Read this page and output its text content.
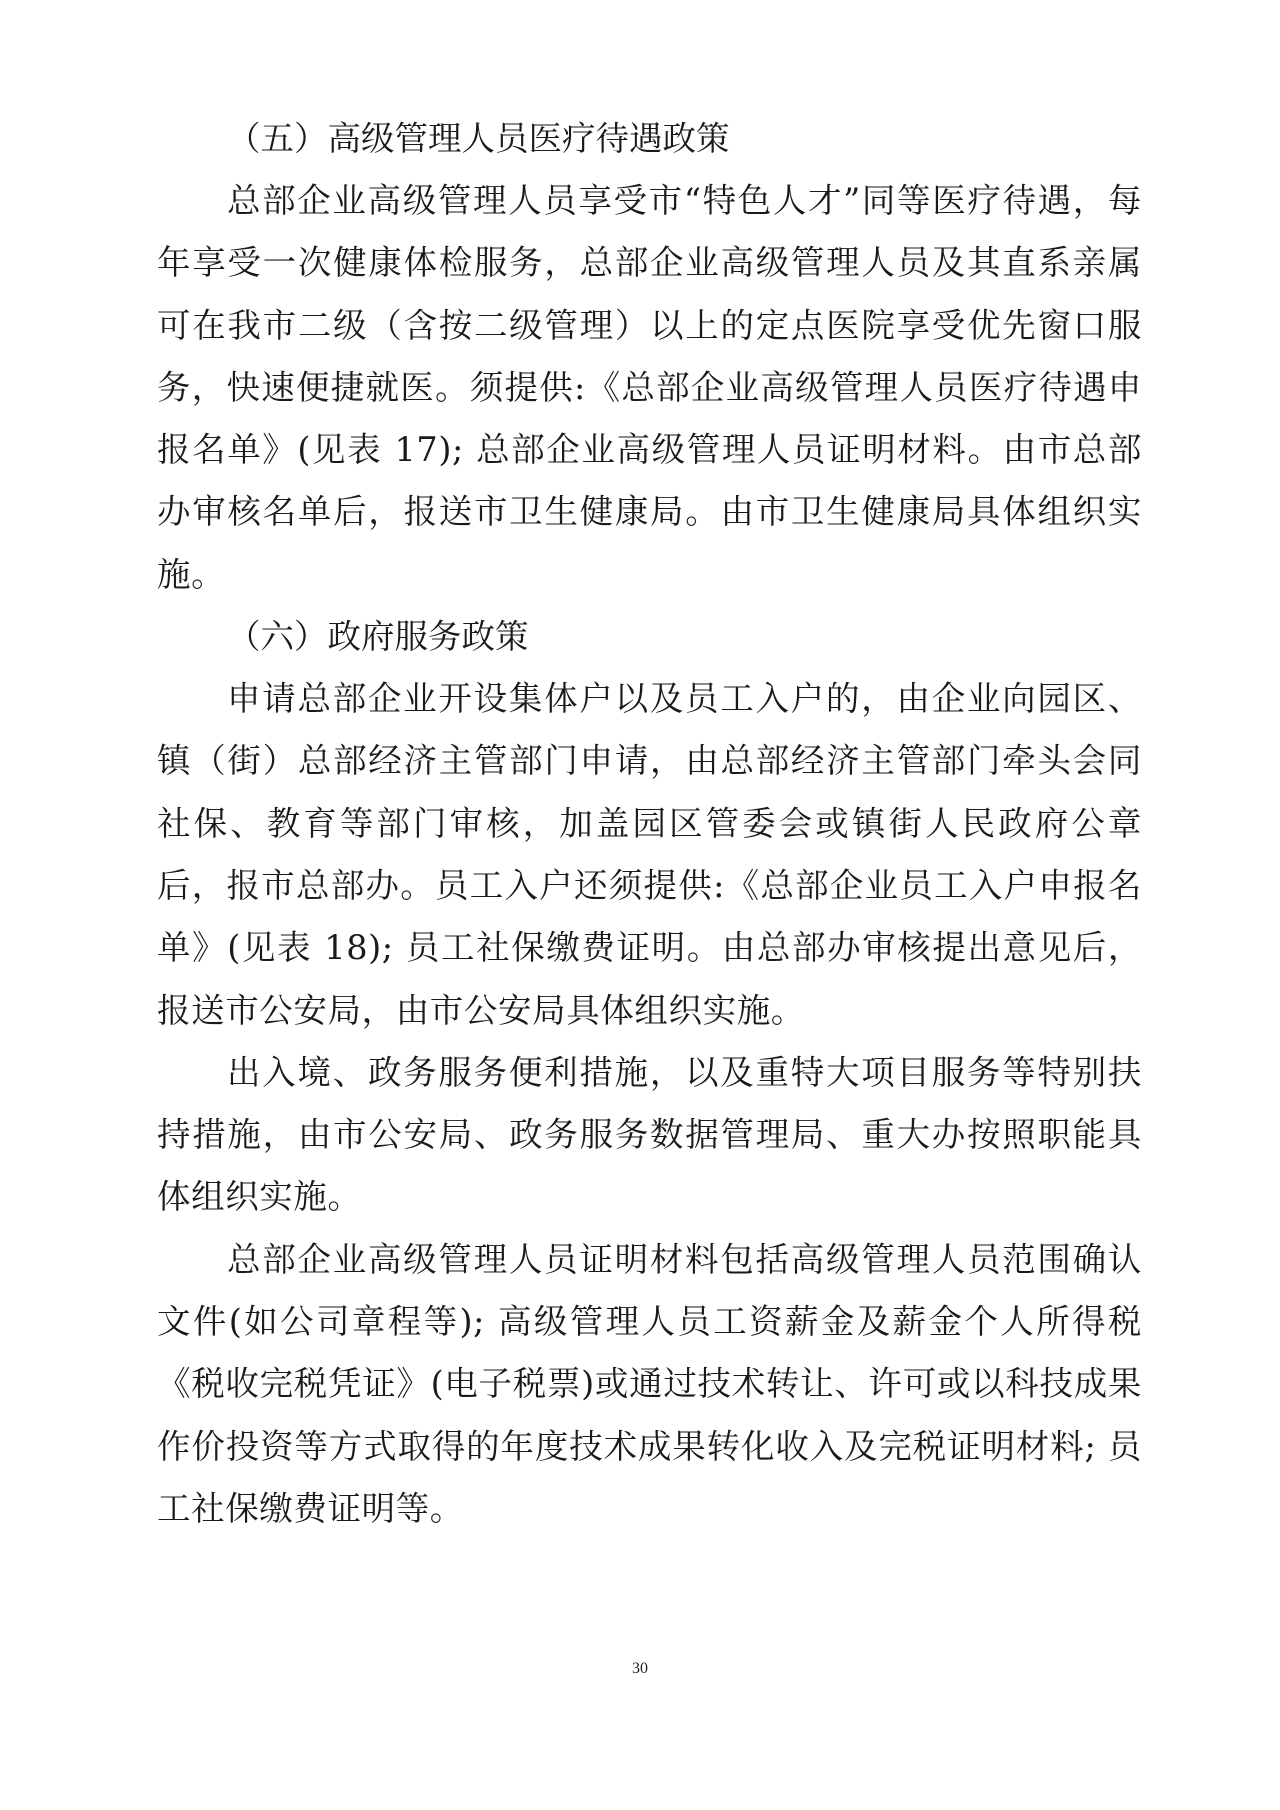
（五）高级管理人员医疗待遇政策

总部企业高级管理人员享受市“特色人才”同等医疗待遇，每年享受一次健康体检服务，总部企业高级管理人员及其直系亲属可在我市二级（含按二级管理）以上的定点医院享受优先窗口服务，快速便捷就医。须提供:《总部企业高级管理人员医疗待遇申报名单》(见表 17); 总部企业高级管理人员证明材料。由市总部办审核名单后，报送市卫生健康局。由市卫生健康局具体组织实施。

（六）政府服务政策

申请总部企业开设集体户以及员工入户的，由企业向园区、镇（街）总部经济主管部门申请，由总部经济主管部门牵头会同社保、教育等部门审核，加盖园区管委会或镇街人民政府公章后，报市总部办。员工入户还须提供:《总部企业员工入户申报名单》(见表 18); 员工社保缴费证明。由总部办审核提出意见后，报送市公安局，由市公安局具体组织实施。

出入境、政务服务便利措施，以及重特大项目服务等特别扶持措施，由市公安局、政务服务数据管理局、重大办按照职能具体组织实施。

总部企业高级管理人员证明材料包括高级管理人员范围确认文件(如公司章程等); 高级管理人员工资薪金及薪金个人所得税《税收完税凭证》(电子税票)或通过技术转让、许可或以科技成果作价投资等方式取得的年度技术成果转化收入及完税证明材料; 员工社保缴费证明等。

30
